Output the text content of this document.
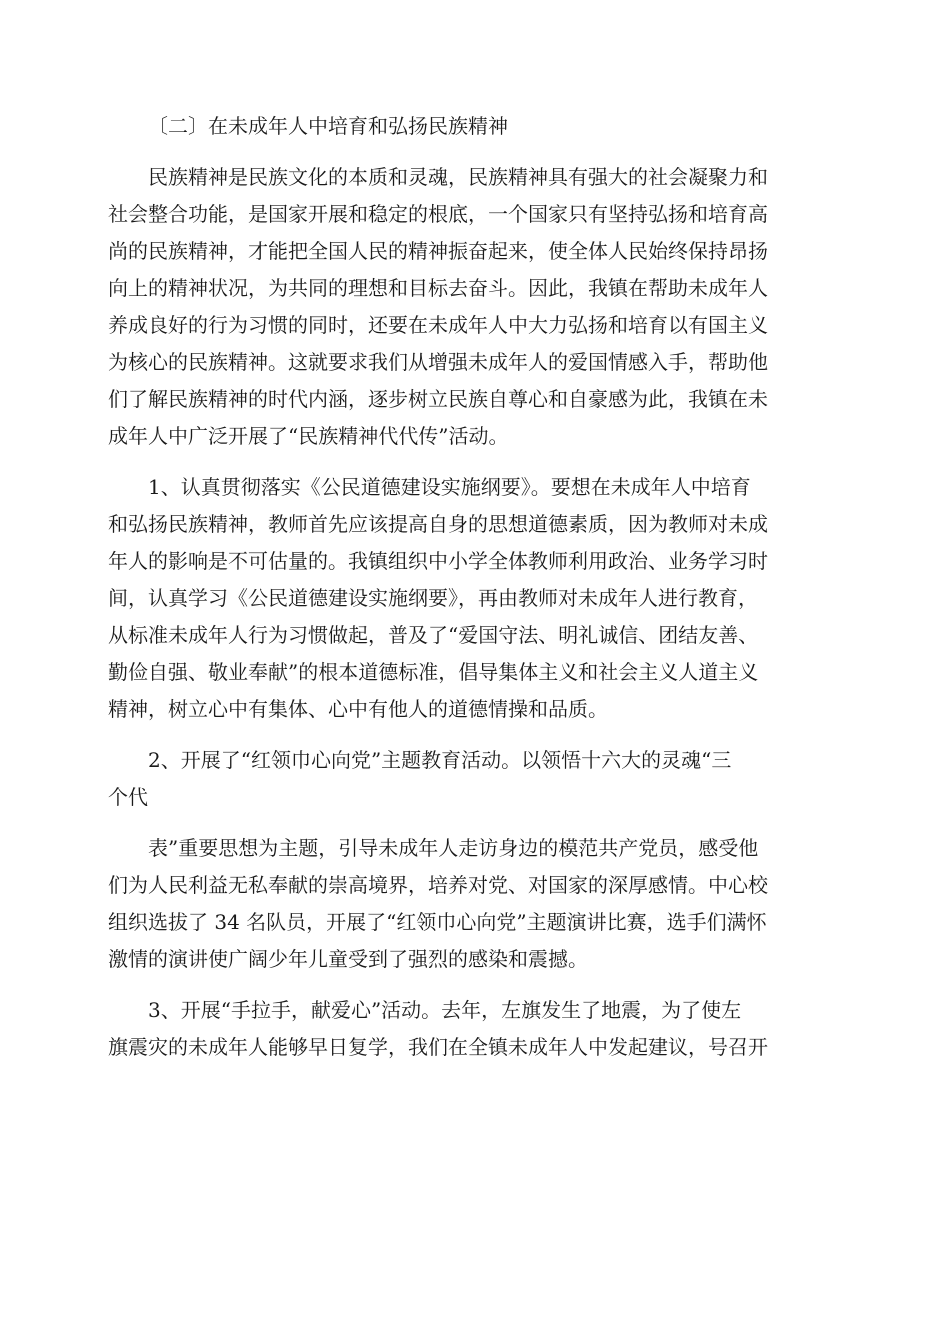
〔二〕在未成年人中培育和弘扬民族精神
民族精神是民族文化的本质和灵魂，民族精神具有强大的社会凝聚力和
社会整合功能，是国家开展和稳定的根底，一个国家只有坚持弘扬和培育高
尚的民族精神，才能把全国人民的精神振奋起来，使全体人民始终保持昂扬
向上的精神状况，为共同的理想和目标去奋斗。因此，我镇在帮助未成年人
养成良好的行为习惯的同时，还要在未成年人中大力弘扬和培育以有国主义
为核心的民族精神。这就要求我们从增强未成年人的爱国情感入手，帮助他
们了解民族精神的时代内涵，逐步树立民族自尊心和自豪感为此，我镇在未
成年人中广泛开展了“民族精神代代传”活动。
1、认真贯彻落实《公民道德建设实施纲要》。要想在未成年人中培育
和弘扬民族精神，教师首先应该提高自身的思想道德素质，因为教师对未成
年人的影响是不可估量的。我镇组织中小学全体教师利用政治、业务学习时
间，认真学习《公民道德建设实施纲要》，再由教师对未成年人进行教育，
从标准未成年人行为习惯做起，普及了“爱国守法、明礼诚信、团结友善、
勤俭自强、敬业奉献”的根本道德标准，倡导集体主义和社会主义人道主义
精神，树立心中有集体、心中有他人的道德情操和品质。
2、开展了“红领巾心向党”主题教育活动。以领悟十六大的灵魂“三
个代
表”重要思想为主题，引导未成年人走访身边的模范共产党员，感受他
们为人民利益无私奉献的崇高境界，培养对党、对国家的深厚感情。中心校
组织选拔了 34 名队员，开展了“红领巾心向党”主题演讲比赛，选手们满怀
激情的演讲使广阔少年儿童受到了强烈的感染和震撼。
3、开展“手拉手，献爱心”活动。去年，左旗发生了地震，为了使左
旗震灾的未成年人能够早日复学，我们在全镇未成年人中发起建议，号召开
